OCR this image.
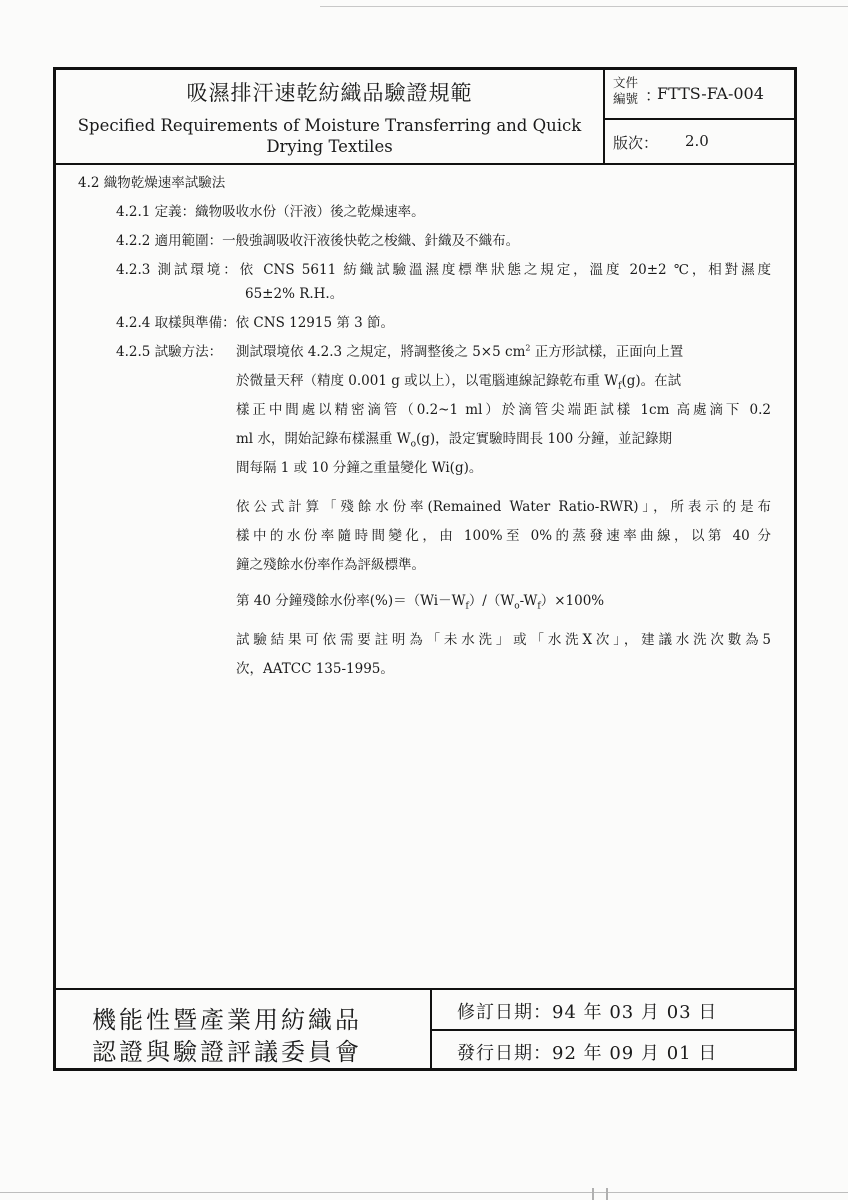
吸濕排汗速乾紡織品驗證規範
Specified Requirements of Moisture Transferring and Quick Drying Textiles
文件編號 ：
FTTS-FA-004
版次： 2.0
4.2 織物乾燥速率試驗法
4.2.1 定義：織物吸收水份（汗液）後之乾燥速率。
4.2.2 適用範圍：一般強調吸收汗液後快乾之梭織、針織及不織布。
4.2.3 測試環境：依 CNS 5611 紡織試驗溫濕度標準狀態之規定，溫度 20±2 ℃，相對濕度
65±2% R.H.。
4.2.4 取樣與準備：依 CNS 12915 第 3 節。
4.2.5 試驗方法： 測試環境依 4.2.3 之規定，將調整後之 5×5 $cm^2$ 正方形試樣，正面向上置
於微量天秤（精度 0.001 g 或以上），以電腦連線記錄乾布重 $W_f(g)$。在試
樣正中間處以精密滴管（0.2~1 ml）於滴管尖端距試樣 1cm 高處滴下 0.2
ml 水，開始記錄布樣濕重 $W_o(g)$，設定實驗時間長 100 分鐘，並記錄期
間每隔 1 或 10 分鐘之重量變化 Wi(g)。
依公式計算「殘餘水份率(Remained Water Ratio-RWR)」，所表示的是布
樣中的水份率隨時間變化，由 100%至 0%的蒸發速率曲線，以第 40 分
鐘之殘餘水份率作為評級標準。
第 40 分鐘殘餘水份率$(\%)=(Wi-W_f)/(W_o-W_f)\times 100\%$
試驗結果可依需要註明為「未水洗」或「水洗X次」，建議水洗次數為5
次，AATCC 135-1995。
機能性暨產業用紡織品
認證與驗證評議委員會
修訂日期：94 年 03 月 03 日
發行日期：92 年 09 月 01 日
